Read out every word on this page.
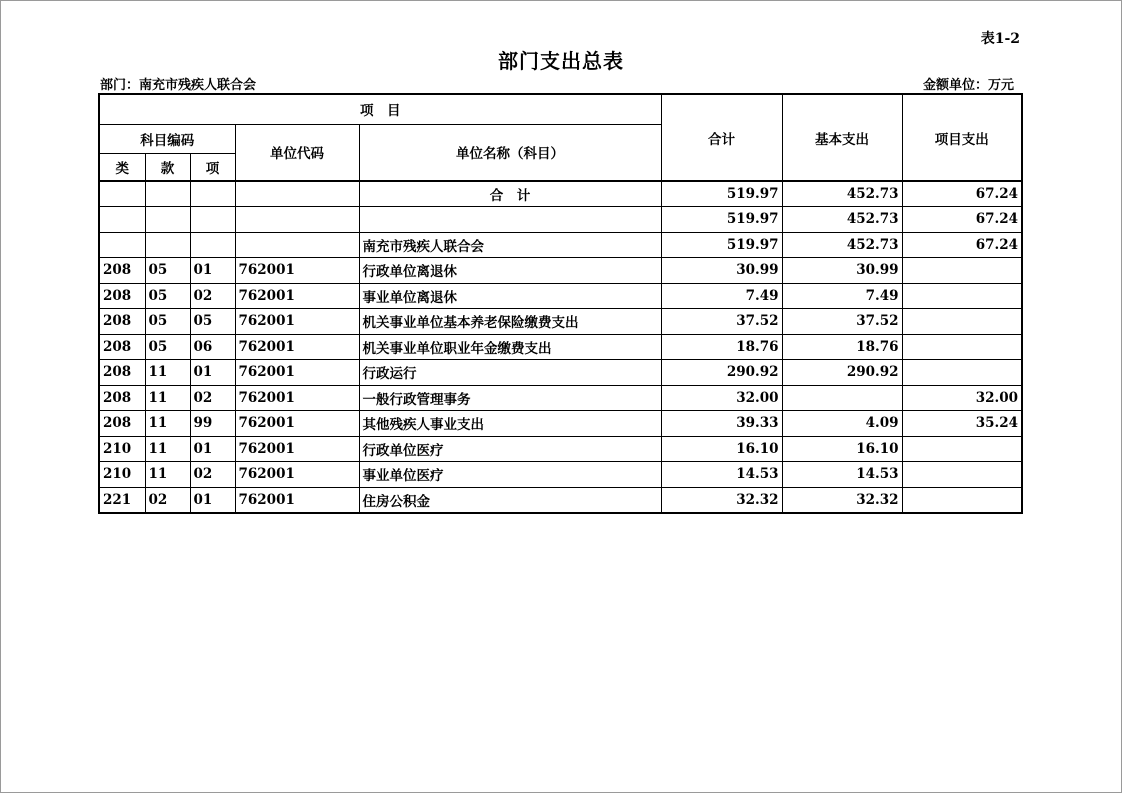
表1-2
部门支出总表
部门：南充市残疾人联合会	金额单位：万元
项　目					合计	基本支出	项目支出
科目编码			单位代码	单位名称（科目）			
类	款	项					
				合　计	519.97	452.73	67.24
					519.97	452.73	67.24
				南充市残疾人联合会	519.97	452.73	67.24
208	05	01	762001	行政单位离退休	30.99	30.99	
208	05	02	762001	事业单位离退休	7.49	7.49	
208	05	05	762001	机关事业单位基本养老保险缴费支出	37.52	37.52	
208	05	06	762001	机关事业单位职业年金缴费支出	18.76	18.76	
208	11	01	762001	行政运行	290.92	290.92	
208	11	02	762001	一般行政管理事务	32.00		32.00
208	11	99	762001	其他残疾人事业支出	39.33	4.09	35.24
210	11	01	762001	行政单位医疗	16.10	16.10	
210	11	02	762001	事业单位医疗	14.53	14.53	
221	02	01	762001	住房公积金	32.32	32.32	
